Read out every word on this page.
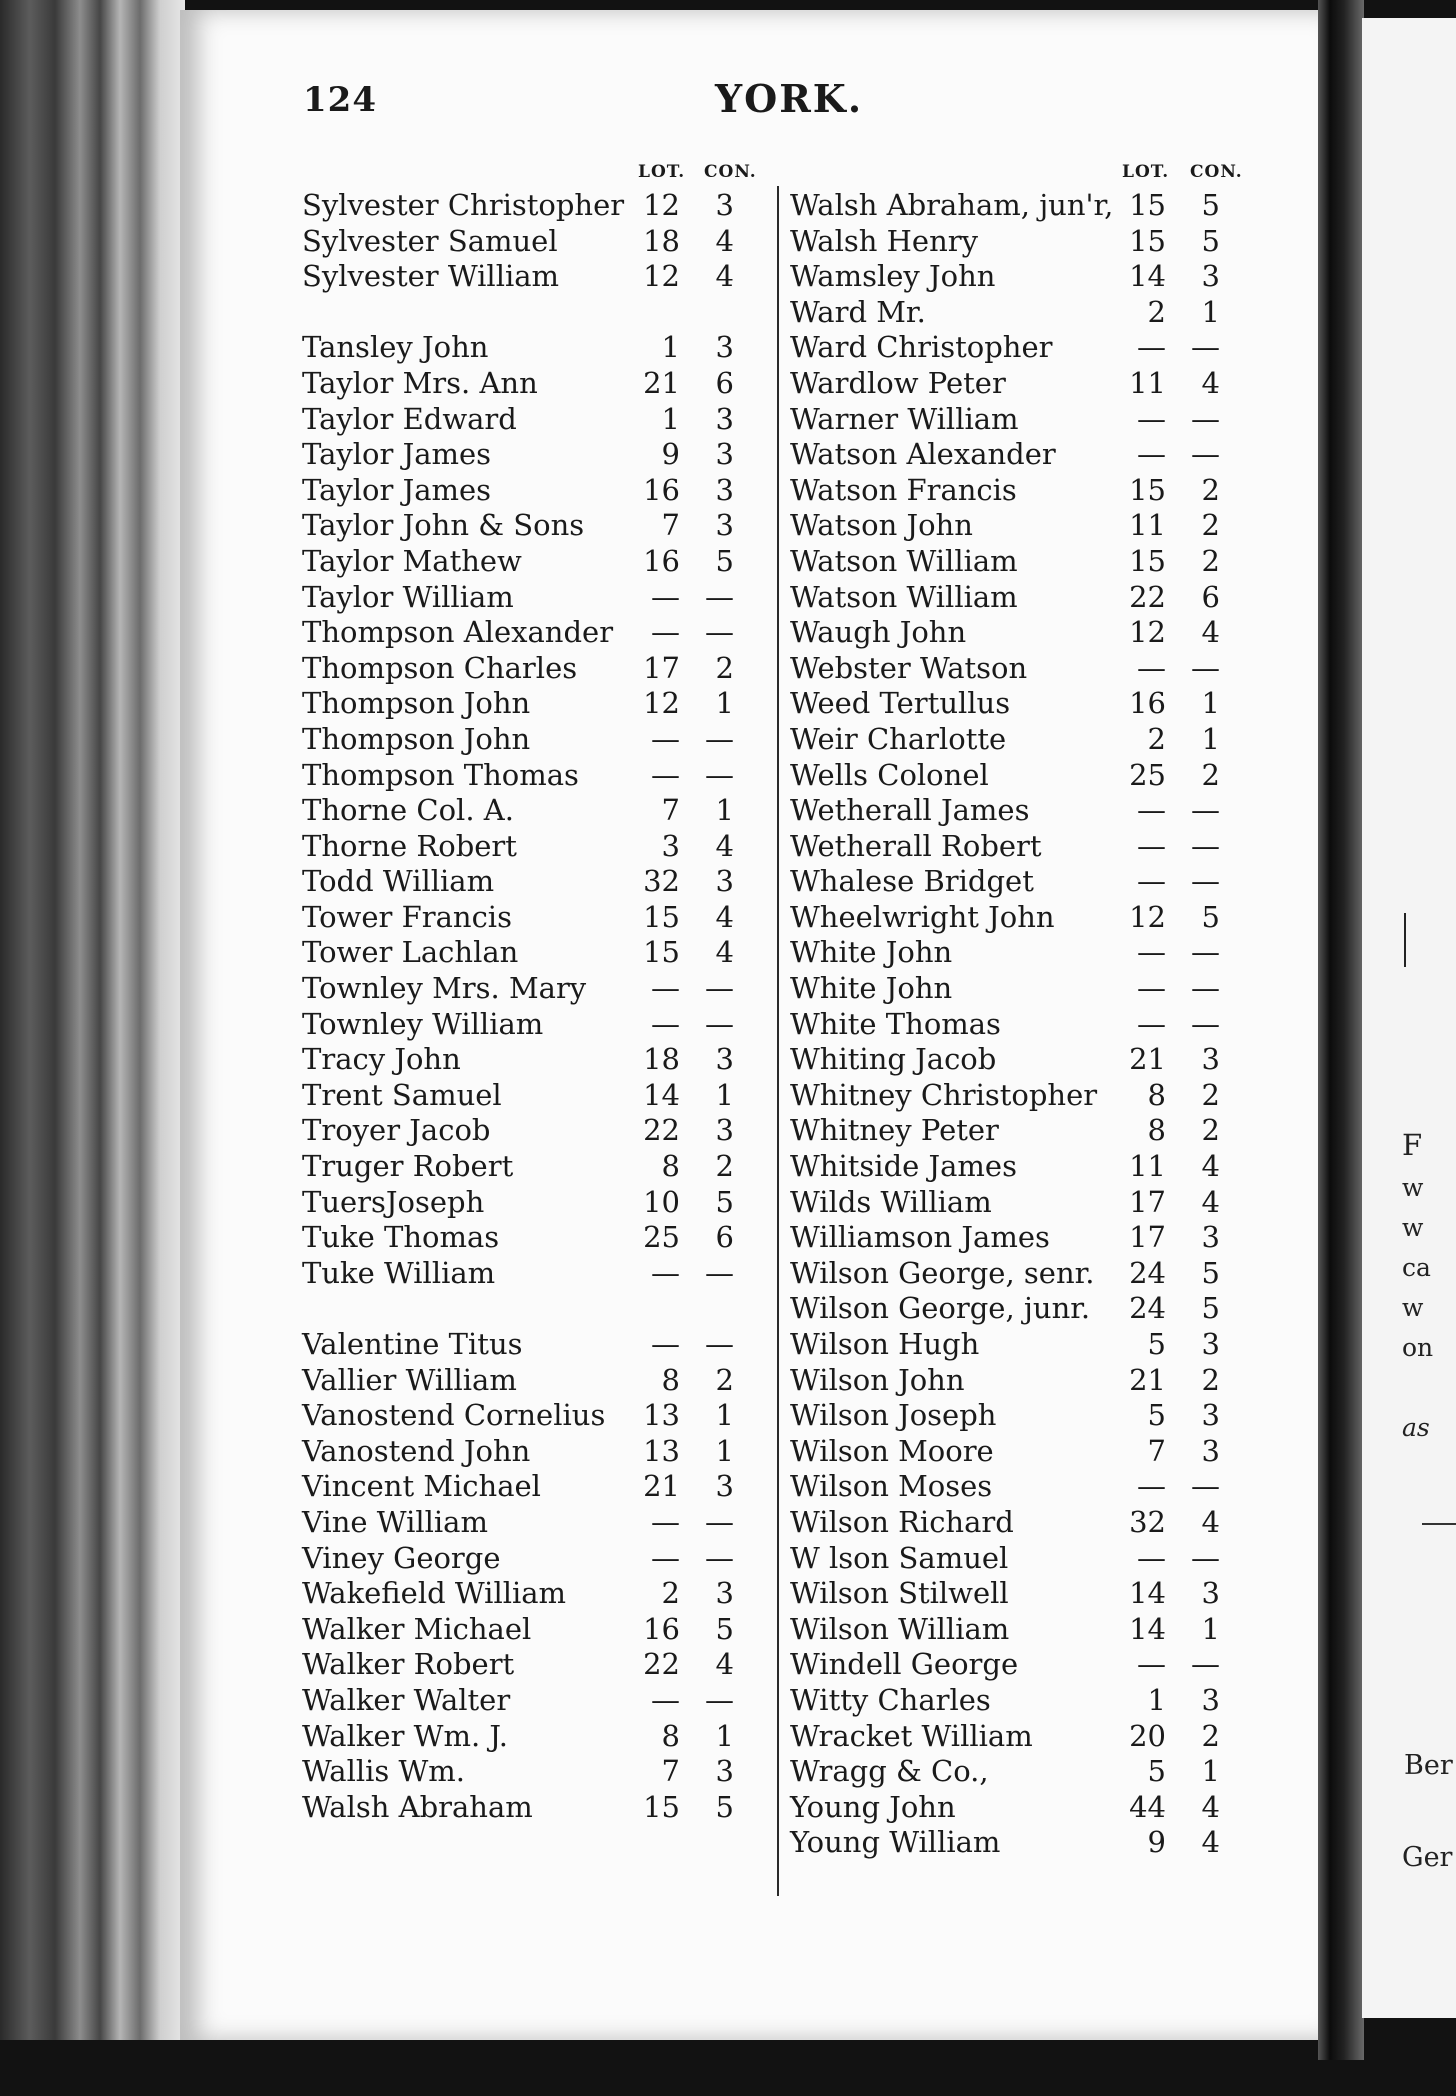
F
w
w
ca
w
on
as
Ber
Ger
124	YORK.
LOT. CON.
Sylvester Christopher 12	3
Sylvester Samuel	18	4
Sylvester William	12	4
Tansley John	1	3
Taylor Mrs. Ann	21	6
Taylor Edward	1	3
Taylor James	9	3
Taylor James	16	3
Taylor John & Sons	7	3
Taylor Mathew	16	5
Taylor William	— —
Thompson Alexander	— —
Thompson Charles	17	2
Thompson John	12	1
Thompson John	— —
Thompson Thomas	— —
Thorne Col. A.	7	1
Thorne Robert	3	4
Todd William	32	3
Tower Francis	15	4
Tower Lachlan	15	4
Townley Mrs. Mary	— —
Townley William	— —
Tracy John	18	3
Trent Samuel	14	1
Troyer Jacob	22	3
Truger Robert	8	2
TuersJoseph	10	5
Tuke Thomas	25	6
Tuke William	— —
Valentine Titus	— —
Vallier William	8	2
Vanostend Cornelius	13	1
Vanostend John	13	1
Vincent Michael	21	3
Vine William	— —
Viney George	— —
Wakefield William	2	3
Walker Michael	16	5
Walker Robert	22	4
Walker Walter	— —
Walker Wm. J.	8	1
Wallis Wm.	7	3
Walsh Abraham	15	5
LOT. CON.
Walsh Abraham, jun'r, 15	5
Walsh Henry	15	5
Wamsley John	14	3
Ward Mr.	2	1
Ward Christopher	— —
Wardlow Peter	11	4
Warner William	— —
Watson Alexander	— —
Watson Francis	15	2
Watson John	11	2
Watson William	15	2
Watson William	22	6
Waugh John	12	4
Webster Watson	— —
Weed Tertullus	16	1
Weir Charlotte	2	1
Wells Colonel	25	2
Wetherall James	— —
Wetherall Robert	— —
Whalese Bridget	— —
Wheelwright John	12	5
White John	— —
White John	— —
White Thomas	— —
Whiting Jacob	21	3
Whitney Christopher	8	2
Whitney Peter	8	2
Whitside James	11	4
Wilds William	17	4
Williamson James	17	3
Wilson George, senr.	24	5
Wilson George, junr.	24	5
Wilson Hugh	5	3
Wilson John	21	2
Wilson Joseph	5	3
Wilson Moore	7	3
Wilson Moses	— —
Wilson Richard	32	4
W lson Samuel	— —
Wilson Stilwell	14	3
Wilson William	14	1
Windell George	— —
Witty Charles	1	3
Wracket William	20	2
Wragg & Co.,	5	1
Young John	44	4
Young William	9	4
